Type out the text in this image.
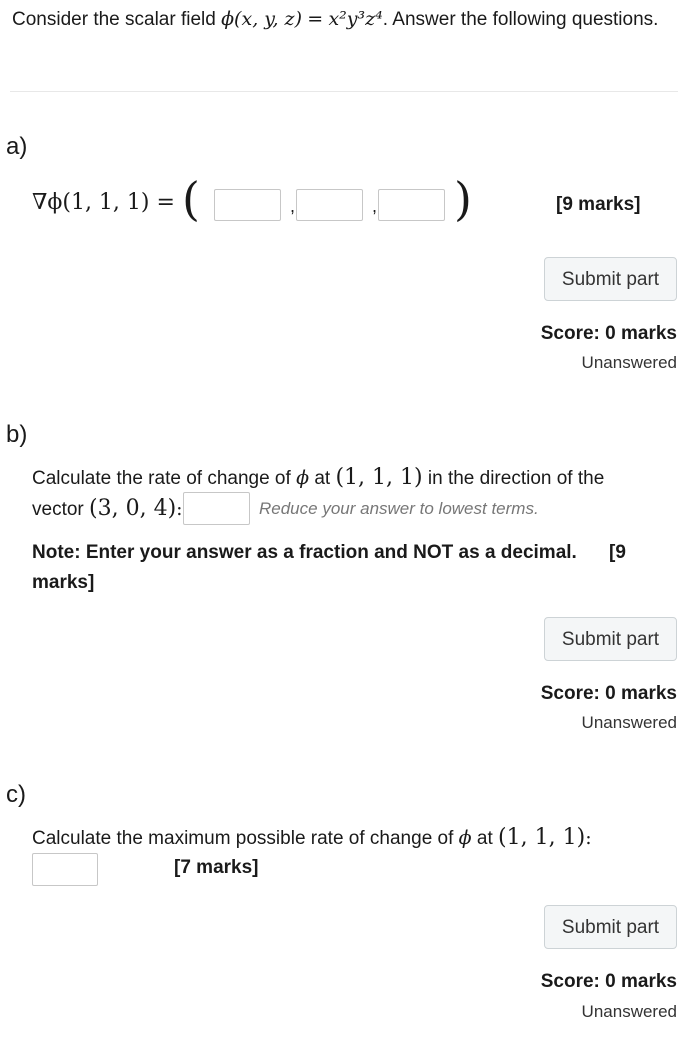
Consider the scalar field ϕ(x, y, z) = x²y³z⁴. Answer the following questions.
a)
∇ϕ(1, 1, 1) = (	,	, )	[9 marks]
Submit part
Score: 0 marks
Unanswered
b)
Calculate the rate of change of ϕ at (1, 1, 1) in the direction of the
vector (3, 0, 4):	Reduce your answer to lowest terms.
Note: Enter your answer as a fraction and NOT as a decimal. [9
marks]
Submit part
Score: 0 marks
Unanswered
c)
Calculate the maximum possible rate of change of ϕ at (1, 1, 1):
[7 marks]
Submit part
Score: 0 marks
Unanswered
